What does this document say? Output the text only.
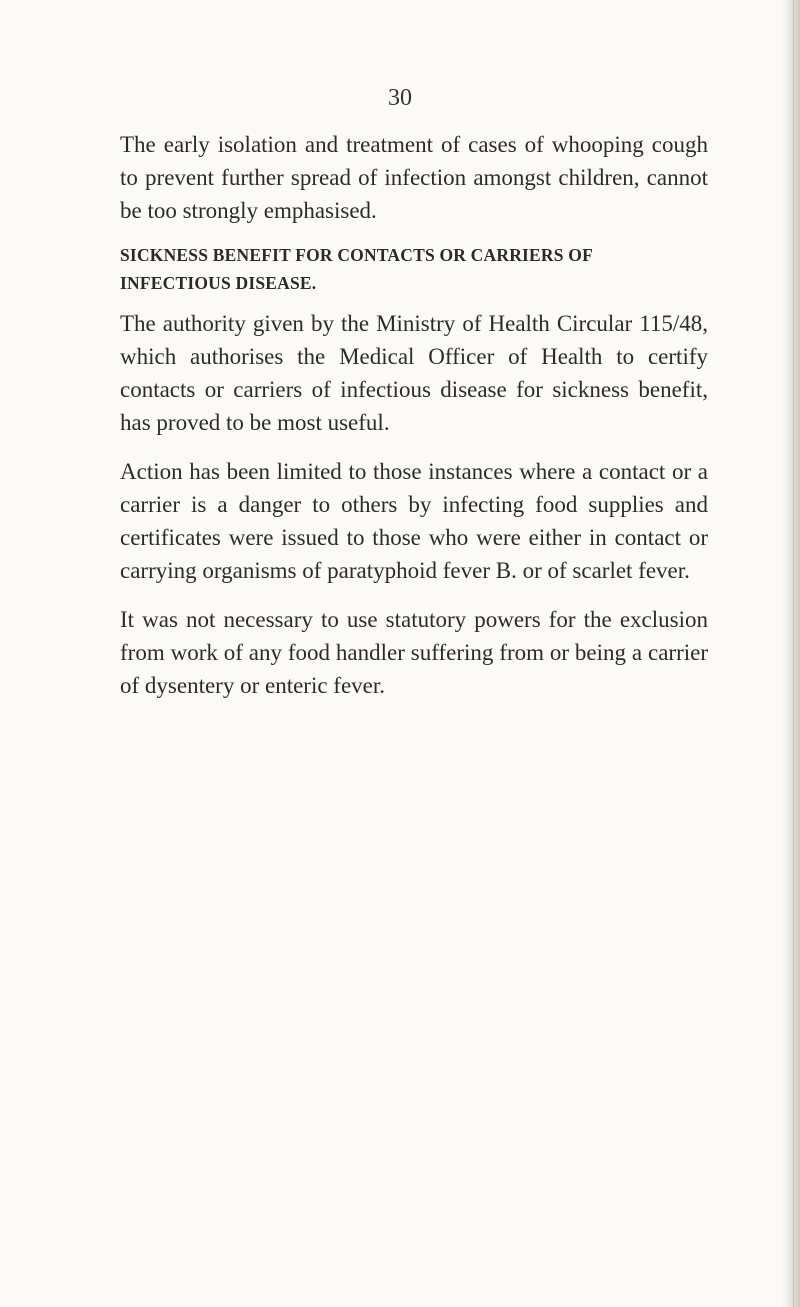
30

The early isolation and treatment of cases of whooping cough to prevent further spread of infection amongst children, cannot be too strongly emphasised.

SICKNESS BENEFIT FOR CONTACTS OR CARRIERS OF
INFECTIOUS DISEASE.

The authority given by the Ministry of Health Circular 115/48, which authorises the Medical Officer of Health to certify contacts or carriers of infectious disease for sickness benefit, has proved to be most useful.

Action has been limited to those instances where a contact or a carrier is a danger to others by infecting food supplies and certificates were issued to those who were either in contact or carrying organisms of paratyphoid fever B. or of scarlet fever.

It was not necessary to use statutory powers for the exclusion from work of any food handler suffering from or being a carrier of dysentery or enteric fever.
